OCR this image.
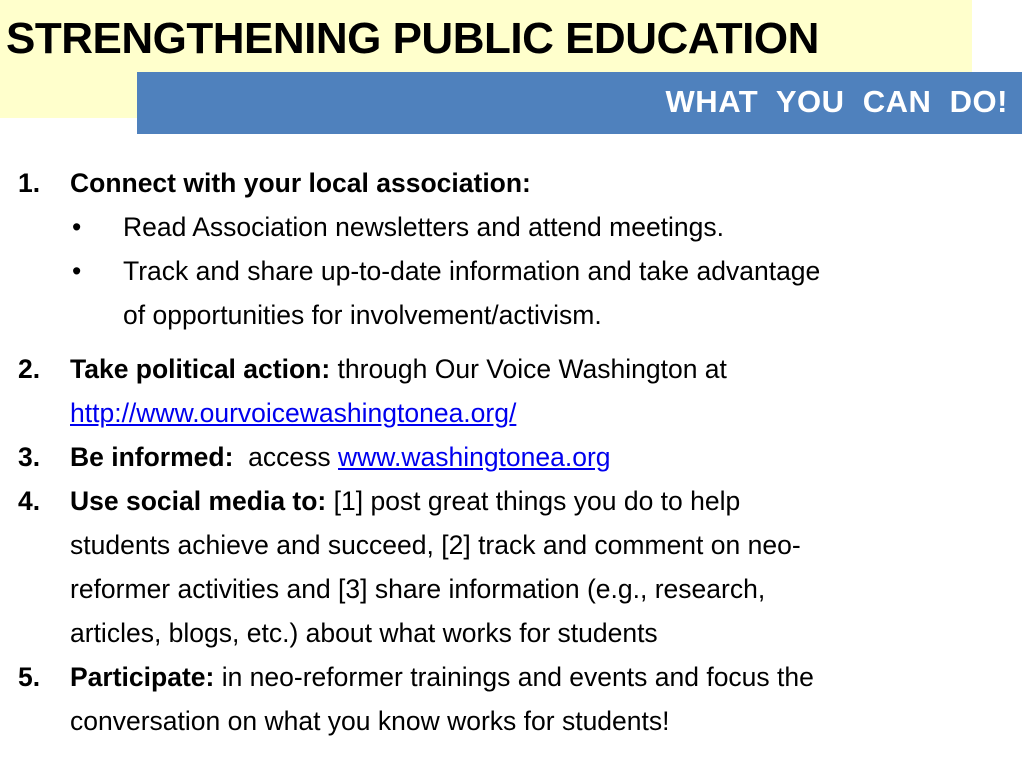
STRENGTHENING PUBLIC EDUCATION
WHAT  YOU  CAN  DO!
1. Connect with your local association:
• Read Association newsletters and attend meetings.
• Track and share up-to-date information and take advantage
of opportunities for involvement/activism.
2. Take political action: through Our Voice Washington at
http://www.ourvoicewashingtonea.org/
3. Be informed:  access www.washingtonea.org
4. Use social media to: [1] post great things you do to help
students achieve and succeed, [2] track and comment on neo-
reformer activities and [3] share information (e.g., research,
articles, blogs, etc.) about what works for students
5. Participate: in neo-reformer trainings and events and focus the
conversation on what you know works for students!
